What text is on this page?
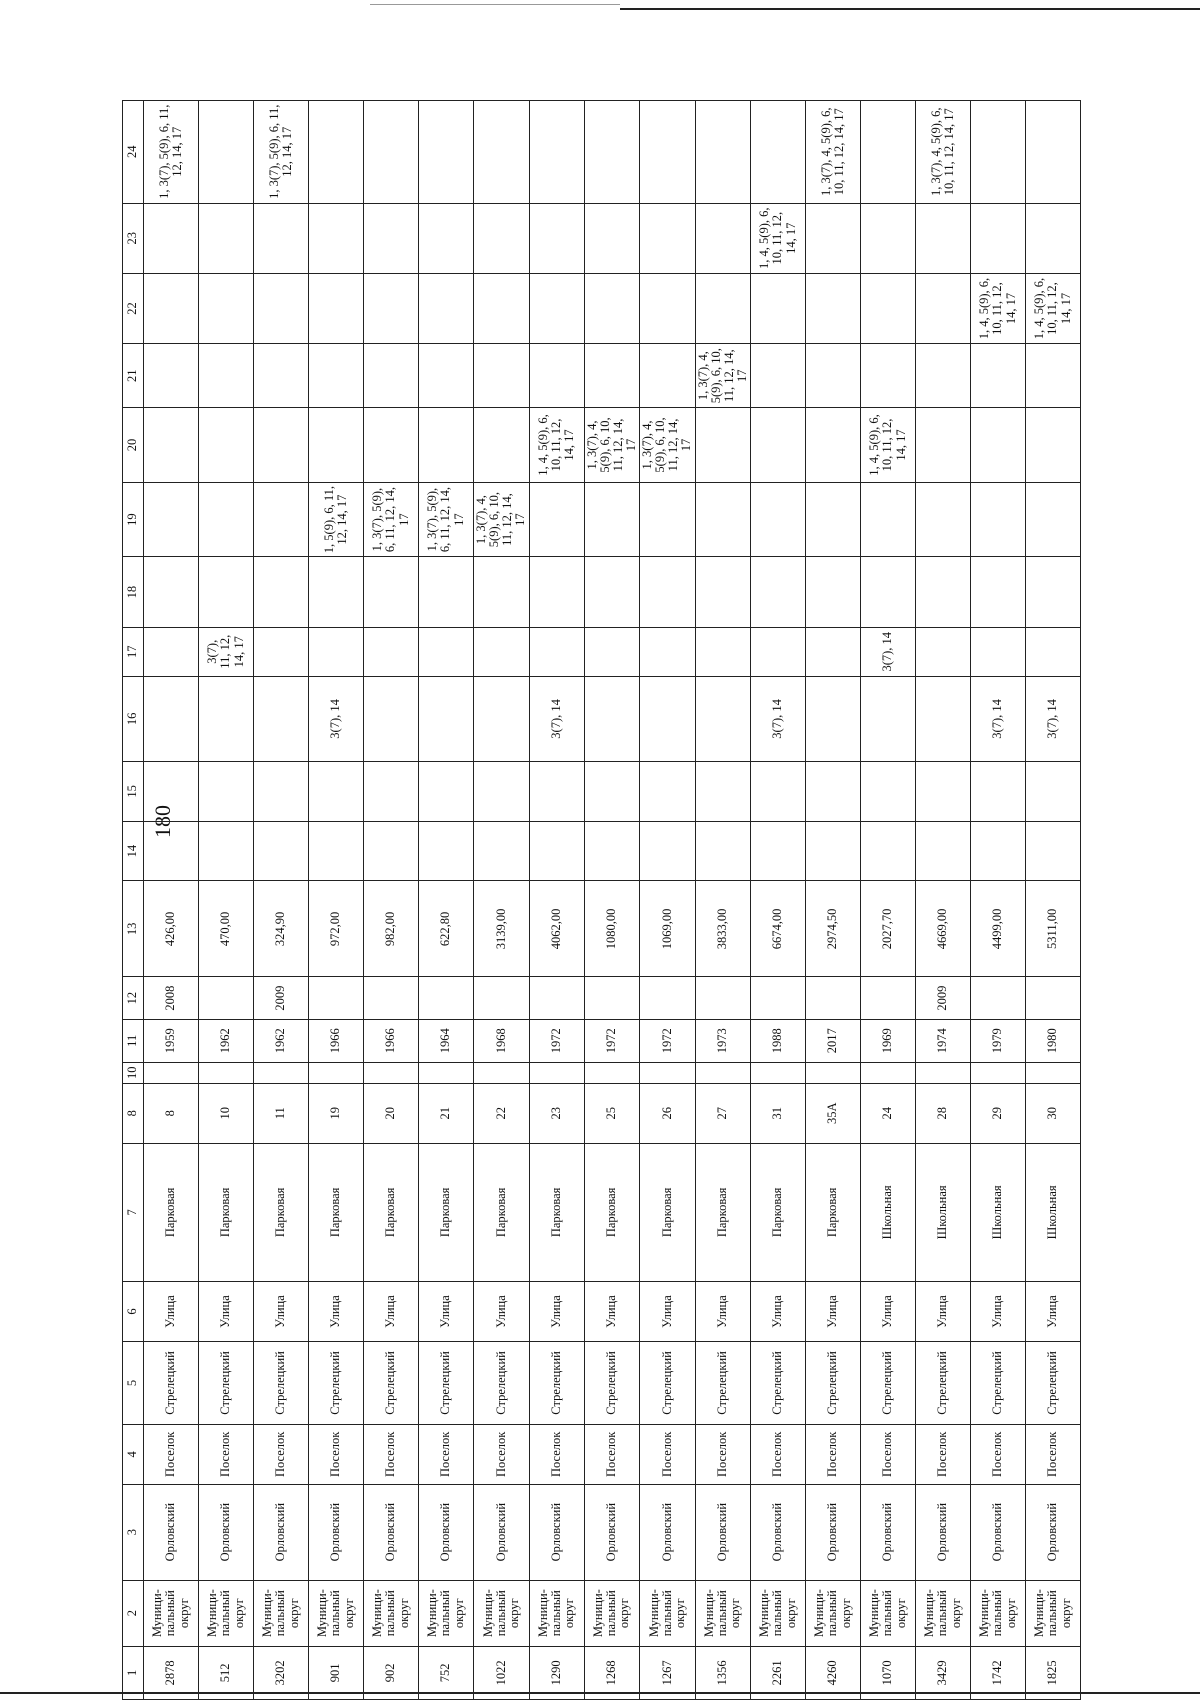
180
1	2	3	4	5	6	7	8	10	11	12	13	14	15	16	17	18	19	20	21	22	23	24
2878	Муници-пальный округ	Орловский	Поселок	Стрелецкий	Улица	Парковая	8		1959	2008	426,00											1, 3(7), 5(9), 6, 11, 12, 14, 17
512	Муници-пальный округ	Орловский	Поселок	Стрелецкий	Улица	Парковая	10		1962		470,00				3(7), 11, 12, 14, 17							
3202	Муници-пальный округ	Орловский	Поселок	Стрелецкий	Улица	Парковая	11		1962	2009	324,90											1, 3(7), 5(9), 6, 11, 12, 14, 17
901	Муници-пальный округ	Орловский	Поселок	Стрелецкий	Улица	Парковая	19		1966		972,00			3(7), 14			1, 5(9), 6, 11, 12, 14, 17					
902	Муници-пальный округ	Орловский	Поселок	Стрелецкий	Улица	Парковая	20		1966		982,00						1, 3(7), 5(9), 6, 11, 12, 14, 17					
752	Муници-пальный округ	Орловский	Поселок	Стрелецкий	Улица	Парковая	21		1964		622,80						1, 3(7), 5(9), 6, 11, 12, 14, 17					
1022	Муници-пальный округ	Орловский	Поселок	Стрелецкий	Улица	Парковая	22		1968		3139,00						1, 3(7), 4, 5(9), 6, 10, 11, 12, 14, 17					
1290	Муници-пальный округ	Орловский	Поселок	Стрелецкий	Улица	Парковая	23		1972		4062,00			3(7), 14				1, 4, 5(9), 6, 10, 11, 12, 14, 17				
1268	Муници-пальный округ	Орловский	Поселок	Стрелецкий	Улица	Парковая	25		1972		1080,00							1, 3(7), 4, 5(9), 6, 10, 11, 12, 14, 17				
1267	Муници-пальный округ	Орловский	Поселок	Стрелецкий	Улица	Парковая	26		1972		1069,00							1, 3(7), 4, 5(9), 6, 10, 11, 12, 14, 17				
1356	Муници-пальный округ	Орловский	Поселок	Стрелецкий	Улица	Парковая	27		1973		3833,00								1, 3(7), 4, 5(9), 6, 10, 11, 12, 14, 17			
2261	Муници-пальный округ	Орловский	Поселок	Стрелецкий	Улица	Парковая	31		1988		6674,00			3(7), 14							1, 4, 5(9), 6, 10, 11, 12, 14, 17	
4260	Муници-пальный округ	Орловский	Поселок	Стрелецкий	Улица	Парковая	35А		2017		2974,50											1, 3(7), 4, 5(9), 6, 10, 11, 12, 14, 17
1070	Муници-пальный округ	Орловский	Поселок	Стрелецкий	Улица	Школьная	24		1969		2027,70				3(7), 14			1, 4, 5(9), 6, 10, 11, 12, 14, 17				
3429	Муници-пальный округ	Орловский	Поселок	Стрелецкий	Улица	Школьная	28		1974	2009	4669,00											1, 3(7), 4, 5(9), 6, 10, 11, 12, 14, 17
1742	Муници-пальный округ	Орловский	Поселок	Стрелецкий	Улица	Школьная	29		1979		4499,00			3(7), 14						1, 4, 5(9), 6, 10, 11, 12, 14, 17		
1825	Муници-пальный округ	Орловский	Поселок	Стрелецкий	Улица	Школьная	30		1980		5311,00			3(7), 14						1, 4, 5(9), 6, 10, 11, 12, 14, 17		
